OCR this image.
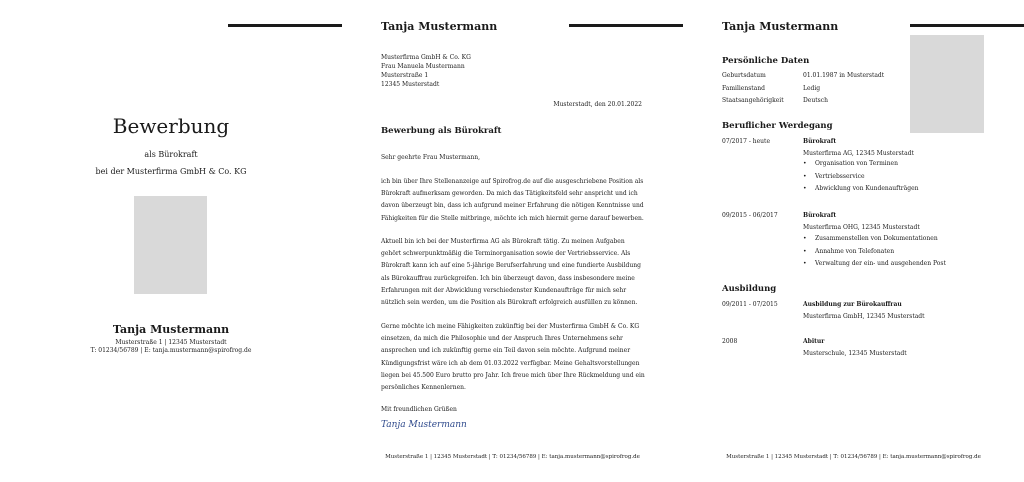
Bewerbung
als Bürokraft
bei der Musterfirma GmbH & Co. KG
Tanja Mustermann
Musterstraße 1 | 12345 Musterstadt
T: 01234/56789 | E: tanja.mustermann@spirofrog.de
Tanja Mustermann
Musterfirma GmbH & Co. KG
Frau Manuela Mustermann
Musterstraße 1
12345 Musterstadt
Musterstadt, den 20.01.2022
Bewerbung als Bürokraft
Sehr geehrte Frau Mustermann,
ich bin über Ihre Stellenanzeige auf Spirofrog.de auf die ausgeschriebene Position als Bürokraft aufmerksam geworden. Da mich das Tätigkeitsfeld sehr anspricht und ich davon überzeugt bin, dass ich aufgrund meiner Erfahrung die nötigen Kenntnisse und Fähigkeiten für die Stelle mitbringe, möchte ich mich hiermit gerne darauf bewerben.
Aktuell bin ich bei der Musterfirma AG als Bürokraft tätig. Zu meinen Aufgaben gehört schwerpunktmäßig die Terminorganisation sowie der Vertriebsservice. Als Bürokraft kann ich auf eine 5-jährige Berufserfahrung und eine fundierte Ausbildung als Bürokauffrau zurückgreifen. Ich bin überzeugt davon, dass insbesondere meine Erfahrungen mit der Abwicklung verschiedenster Kundenaufträge für mich sehr nützlich sein werden, um die Position als Bürokraft erfolgreich ausfüllen zu können.
Gerne möchte ich meine Fähigkeiten zukünftig bei der Musterfirma GmbH & Co. KG einsetzen, da mich die Philosophie und der Anspruch Ihres Unternehmens sehr ansprechen und ich zukünftig gerne ein Teil davon sein möchte. Aufgrund meiner Kündigungsfrist wäre ich ab dem 01.03.2022 verfügbar. Meine Gehaltsvorstellungen liegen bei 45.500 Euro brutto pro Jahr. Ich freue mich über Ihre Rückmeldung und ein persönliches Kennenlernen.
Mit freundlichen Grüßen
Tanja Mustermann
Musterstraße 1 | 12345 Musterstadt | T: 01234/56789 | E: tanja.mustermann@spirofrog.de
Tanja Mustermann
Persönliche Daten
Geburtsdatum	01.01.1987 in Musterstadt
Familienstand	Ledig
Staatsangehörigkeit	Deutsch
Beruflicher Werdegang
07/2017 - heute	Bürokraft
Musterfirma AG, 12345 Musterstadt
• Organisation von Terminen
• Vertriebsservice
• Abwicklung von Kundenaufträgen
09/2015 - 06/2017	Bürokraft
Musterfirma OHG, 12345 Musterstadt
• Zusammenstellen von Dokumentationen
• Annahme von Telefonaten
• Verwaltung der ein- und ausgehenden Post
Ausbildung
09/2011 - 07/2015	Ausbildung zur Bürokauffrau
Musterfirma GmbH, 12345 Musterstadt
2008	Abitur
Musterschule, 12345 Musterstadt
Musterstraße 1 | 12345 Musterstadt | T: 01234/56789 | E: tanja.mustermann@spirofrog.de
